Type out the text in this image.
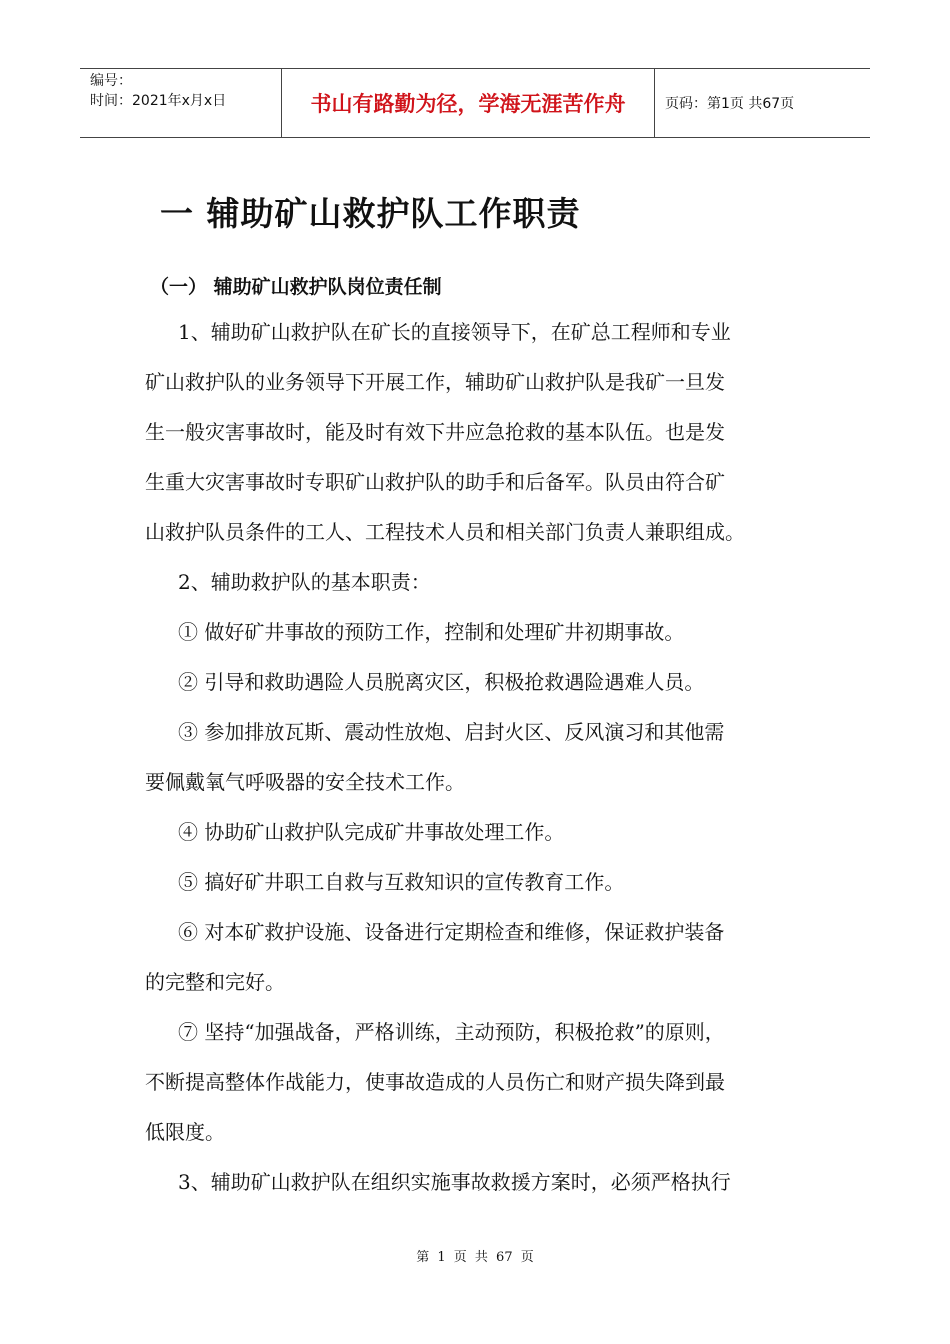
编号：
时间：2021年x月x日	书山有路勤为径，学海无涯苦作舟	页码：第1页 共67页
一 辅助矿山救护队工作职责
（一） 辅助矿山救护队岗位责任制
1、辅助矿山救护队在矿长的直接领导下，在矿总工程师和专业
矿山救护队的业务领导下开展工作，辅助矿山救护队是我矿一旦发
生一般灾害事故时，能及时有效下井应急抢救的基本队伍。也是发
生重大灾害事故时专职矿山救护队的助手和后备军。队员由符合矿
山救护队员条件的工人、工程技术人员和相关部门负责人兼职组成。
2、辅助救护队的基本职责：
① 做好矿井事故的预防工作，控制和处理矿井初期事故。
② 引导和救助遇险人员脱离灾区，积极抢救遇险遇难人员。
③ 参加排放瓦斯、震动性放炮、启封火区、反风演习和其他需
要佩戴氧气呼吸器的安全技术工作。
④ 协助矿山救护队完成矿井事故处理工作。
⑤ 搞好矿井职工自救与互救知识的宣传教育工作。
⑥ 对本矿救护设施、设备进行定期检查和维修，保证救护装备
的完整和完好。
⑦ 坚持“加强战备，严格训练，主动预防，积极抢救”的原则，
不断提高整体作战能力，使事故造成的人员伤亡和财产损失降到最
低限度。
3、辅助矿山救护队在组织实施事故救援方案时，必须严格执行
第 1 页 共 67 页
